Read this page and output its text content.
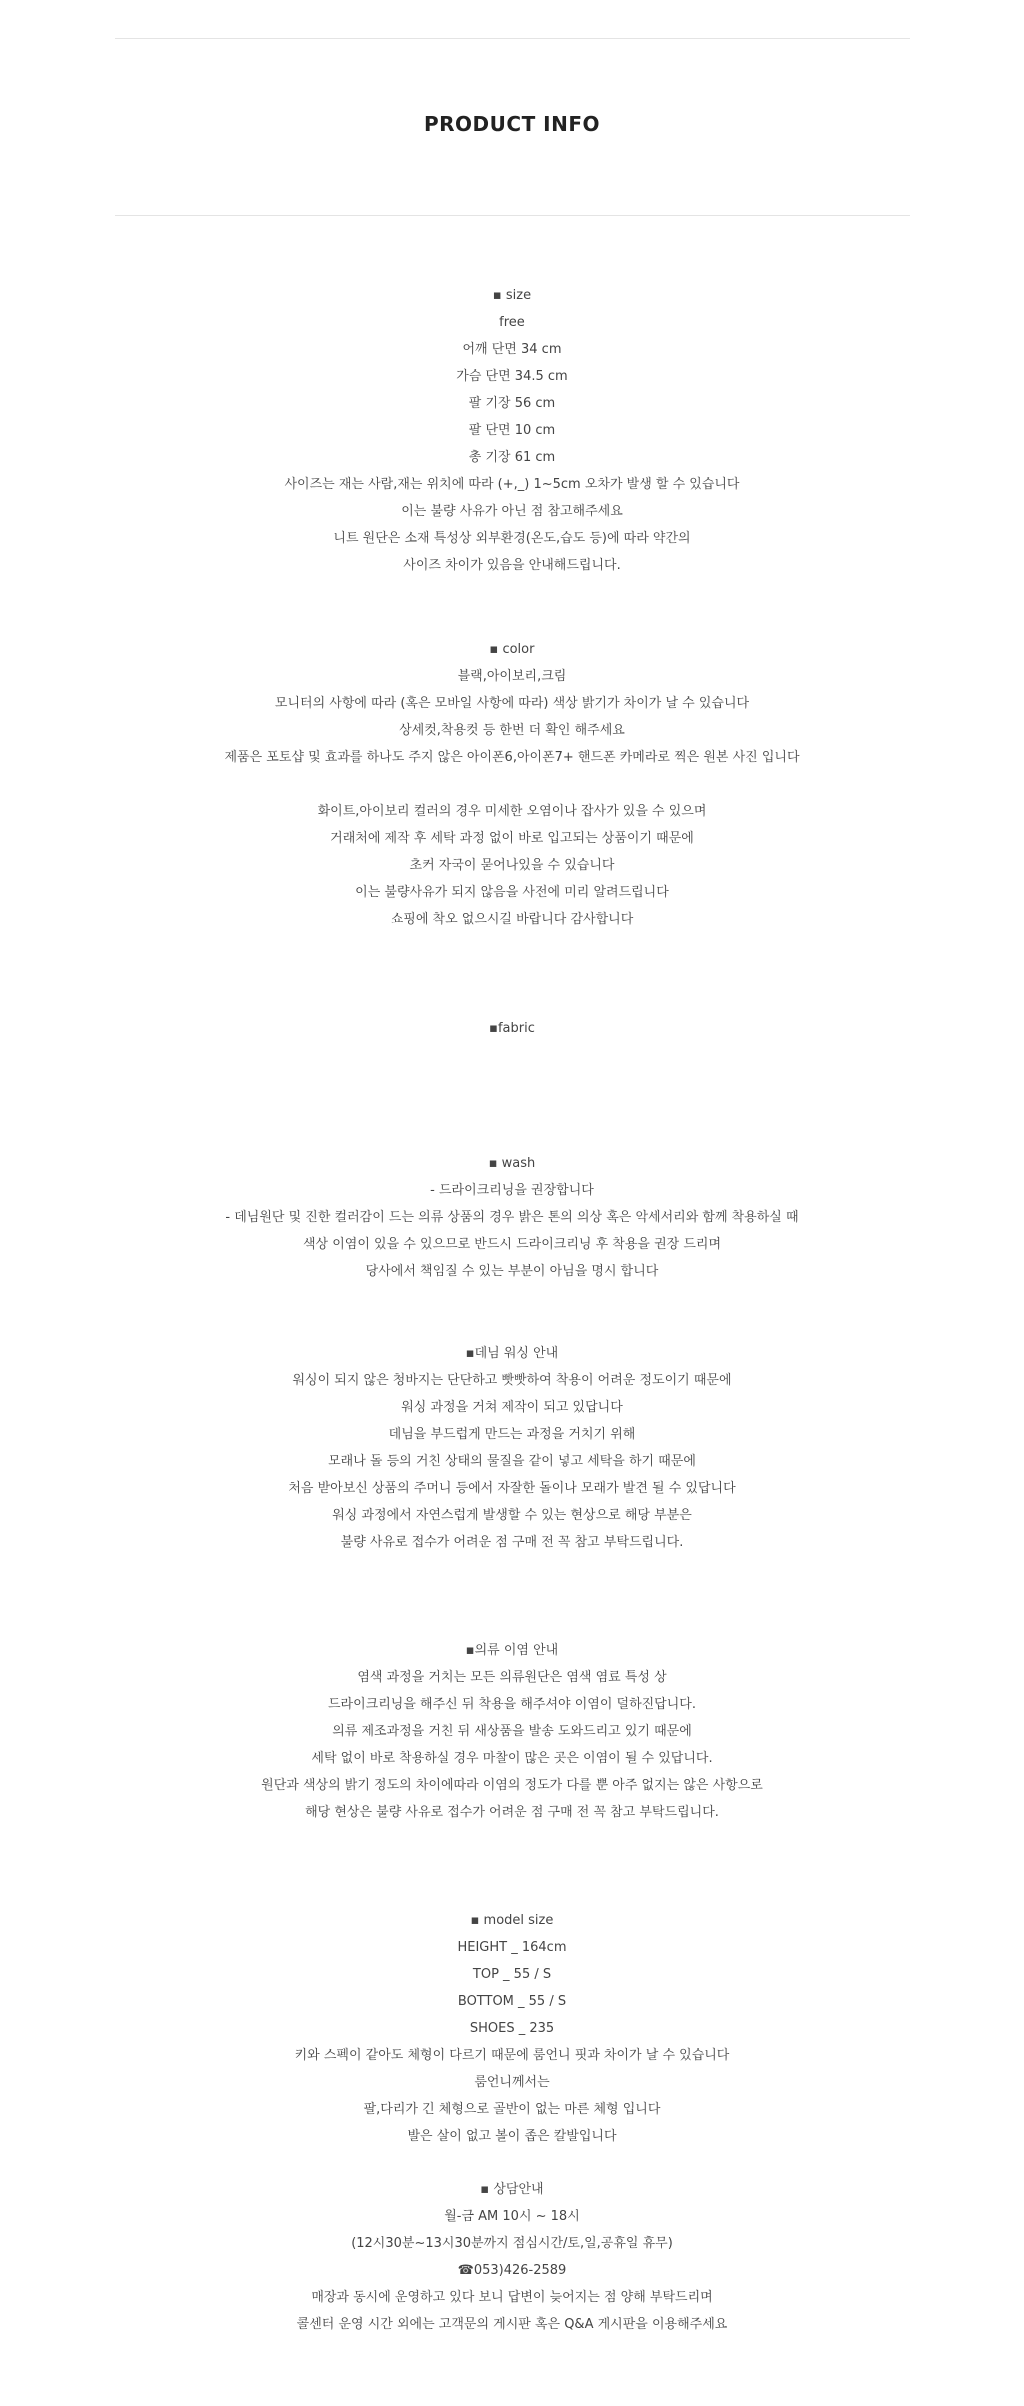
PRODUCT INFO
▪ size
free
어깨 단면 34 cm
가슴 단면 34.5 cm
팔 기장 56 cm
팔 단면 10 cm
총 기장 61 cm
사이즈는 재는 사람,재는 위치에 따라 (+,_) 1~5cm 오차가 발생 할 수 있습니다
이는 불량 사유가 아닌 점 참고해주세요
니트 원단은 소재 특성상 외부환경(온도,습도 등)에 따라 약간의
사이즈 차이가 있음을 안내해드립니다.
▪ color
블랙,아이보리,크림
모니터의 사항에 따라 (혹은 모바일 사항에 따라) 색상 밝기가 차이가 날 수 있습니다
상세컷,착용컷 등 한번 더 확인 해주세요
제품은 포토샵 및 효과를 하나도 주지 않은 아이폰6,아이폰7+ 핸드폰 카메라로 찍은 원본 사진 입니다
화이트,아이보리 컬러의 경우 미세한 오염이나 잡사가 있을 수 있으며
거래처에 제작 후 세탁 과정 없이 바로 입고되는 상품이기 때문에
초커 자국이 묻어나있을 수 있습니다
이는 불량사유가 되지 않음을 사전에 미리 알려드립니다
쇼핑에 착오 없으시길 바랍니다 감사합니다
▪fabric
▪ wash
- 드라이크리닝을 권장합니다
- 데님원단 및 진한 컬러감이 드는 의류 상품의 경우 밝은 톤의 의상 혹은 악세서리와 함께 착용하실 때
색상 이염이 있을 수 있으므로 반드시 드라이크리닝 후 착용을 권장 드리며
당사에서 책임질 수 있는 부분이 아님을 명시 합니다
▪데님 워싱 안내
워싱이 되지 않은 청바지는 단단하고 빳빳하여 착용이 어려운 정도이기 때문에
워싱 과정을 거쳐 제작이 되고 있답니다
데님을 부드럽게 만드는 과정을 거치기 위해
모래나 돌 등의 거친 상태의 물질을 같이 넣고 세탁을 하기 때문에
처음 받아보신 상품의 주머니 등에서 자잘한 돌이나 모래가 발견 될 수 있답니다
워싱 과정에서 자연스럽게 발생할 수 있는 현상으로 해당 부분은
불량 사유로 접수가 어려운 점 구매 전 꼭 참고 부탁드립니다.
▪의류 이염 안내
염색 과정을 거치는 모든 의류원단은 염색 염료 특성 상
드라이크리닝을 해주신 뒤 착용을 해주셔야 이염이 덜하진답니다.
의류 제조과정을 거친 뒤 새상품을 발송 도와드리고 있기 때문에
세탁 없이 바로 착용하실 경우 마찰이 많은 곳은 이염이 될 수 있답니다.
원단과 색상의 밝기 정도의 차이에따라 이염의 정도가 다를 뿐 아주 없지는 않은 사항으로
해당 현상은 불량 사유로 접수가 어려운 점 구매 전 꼭 참고 부탁드립니다.
▪ model size
HEIGHT _ 164cm
TOP _ 55 / S
BOTTOM _ 55 / S
SHOES _ 235
키와 스펙이 같아도 체형이 다르기 때문에 룸언니 핏과 차이가 날 수 있습니다
룸언니께서는
팔,다리가 긴 체형으로 골반이 없는 마른 체형 입니다
발은 살이 없고 볼이 좁은 칼발입니다
▪ 상담안내
월-금 AM 10시 ~ 18시
(12시30분~13시30분까지 점심시간/토,일,공휴일 휴무)
☎053)426-2589
매장과 동시에 운영하고 있다 보니 답변이 늦어지는 점 양해 부탁드리며
콜센터 운영 시간 외에는 고객문의 게시판 혹은 Q&A 게시판을 이용해주세요
